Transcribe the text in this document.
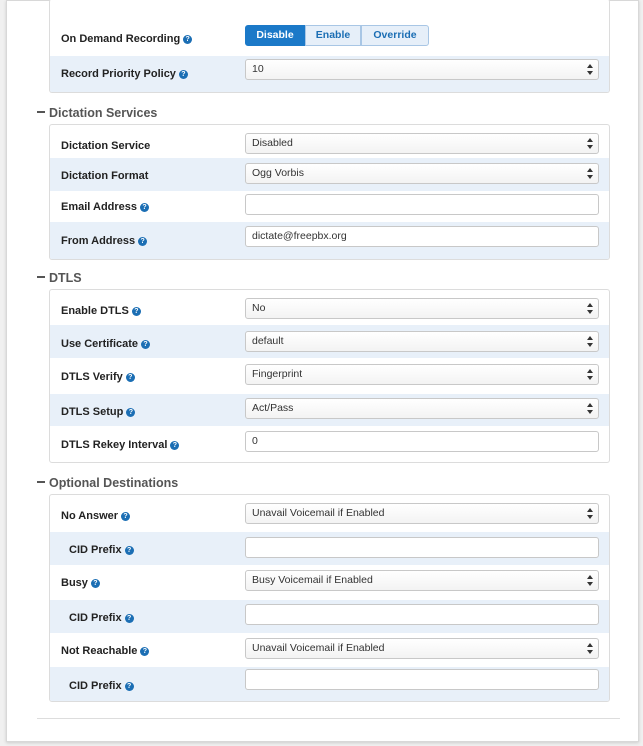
On Demand Recording ?	Disable	Enable	Override
Record Priority Policy ?	10
Dictation Services
Dictation Service	Disabled
Dictation Format	Ogg Vorbis
Email Address ?
From Address ?	dictate@freepbx.org
DTLS
Enable DTLS ?	No
Use Certificate ?	default
DTLS Verify ?	Fingerprint
DTLS Setup ?	Act/Pass
DTLS Rekey Interval ?	0
Optional Destinations
No Answer ?	Unavail Voicemail if Enabled
CID Prefix ?
Busy ?	Busy Voicemail if Enabled
CID Prefix ?
Not Reachable ?	Unavail Voicemail if Enabled
CID Prefix ?
